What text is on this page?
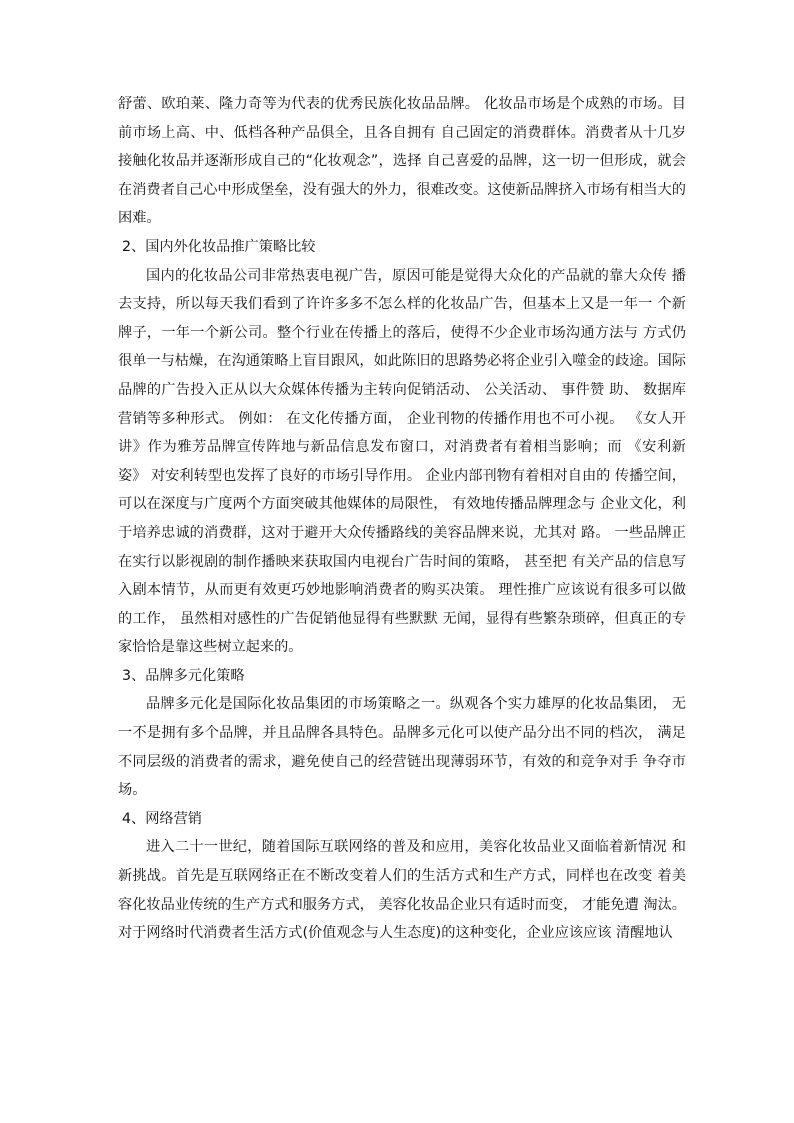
舒蕾、欧珀莱、隆力奇等为代表的优秀民族化妆品品牌。 化妆品市场是个成熟的市场。目前市场上高、中、低档各种产品俱全，且各自拥有 自己固定的消费群体。消费者从十几岁接触化妆品并逐渐形成自己的“化妆观念”，选择 自己喜爱的品牌，这一切一但形成，就会在消费者自己心中形成堡垒，没有强大的外力，很难改变。这使新品牌挤入市场有相当大的困难。

2、国内外化妆品推广策略比较

国内的化妆品公司非常热衷电视广告，原因可能是觉得大众化的产品就的靠大众传 播去支持，所以每天我们看到了许许多多不怎么样的化妆品广告，但基本上又是一年一 个新牌子，一年一个新公司。整个行业在传播上的落后，使得不少企业市场沟通方法与 方式仍很单一与枯燥，在沟通策略上盲目跟风，如此陈旧的思路势必将企业引入噬金的歧途。国际品牌的广告投入正从以大众媒体传播为主转向促销活动、 公关活动、 事件赞 助、 数据库营销等多种形式。 例如： 在文化传播方面， 企业刊物的传播作用也不可小视。 《女人开讲》作为雅芳品牌宣传阵地与新品信息发布窗口，对消费者有着相当影响；而 《安利新姿》 对安利转型也发挥了良好的市场引导作用。 企业内部刊物有着相对自由的 传播空间，可以在深度与广度两个方面突破其他媒体的局限性， 有效地传播品牌理念与 企业文化，利于培养忠诚的消费群，这对于避开大众传播路线的美容品牌来说，尤其对 路。 一些品牌正在实行以影视剧的制作播映来获取国内电视台广告时间的策略， 甚至把 有关产品的信息写入剧本情节，从而更有效更巧妙地影响消费者的购买决策。 理性推广应该说有很多可以做的工作， 虽然相对感性的广告促销他显得有些默默 无闻，显得有些繁杂琐碎，但真正的专家恰恰是靠这些树立起来的。

3、品牌多元化策略

品牌多元化是国际化妆品集团的市场策略之一。纵观各个实力雄厚的化妆品集团， 无一不是拥有多个品牌，并且品牌各具特色。品牌多元化可以使产品分出不同的档次， 满足不同层级的消费者的需求，避免使自己的经营链出现薄弱环节，有效的和竞争对手 争夺市场。

4、网络营销

进入二十一世纪，随着国际互联网络的普及和应用，美容化妆品业又面临着新情况 和新挑战。首先是互联网络正在不断改变着人们的生活方式和生产方式，同样也在改变 着美容化妆品业传统的生产方式和服务方式， 美容化妆品企业只有适时而变， 才能免遭 淘汰。对于网络时代消费者生活方式(价值观念与人生态度)的这种变化，企业应该应该 清醒地认
